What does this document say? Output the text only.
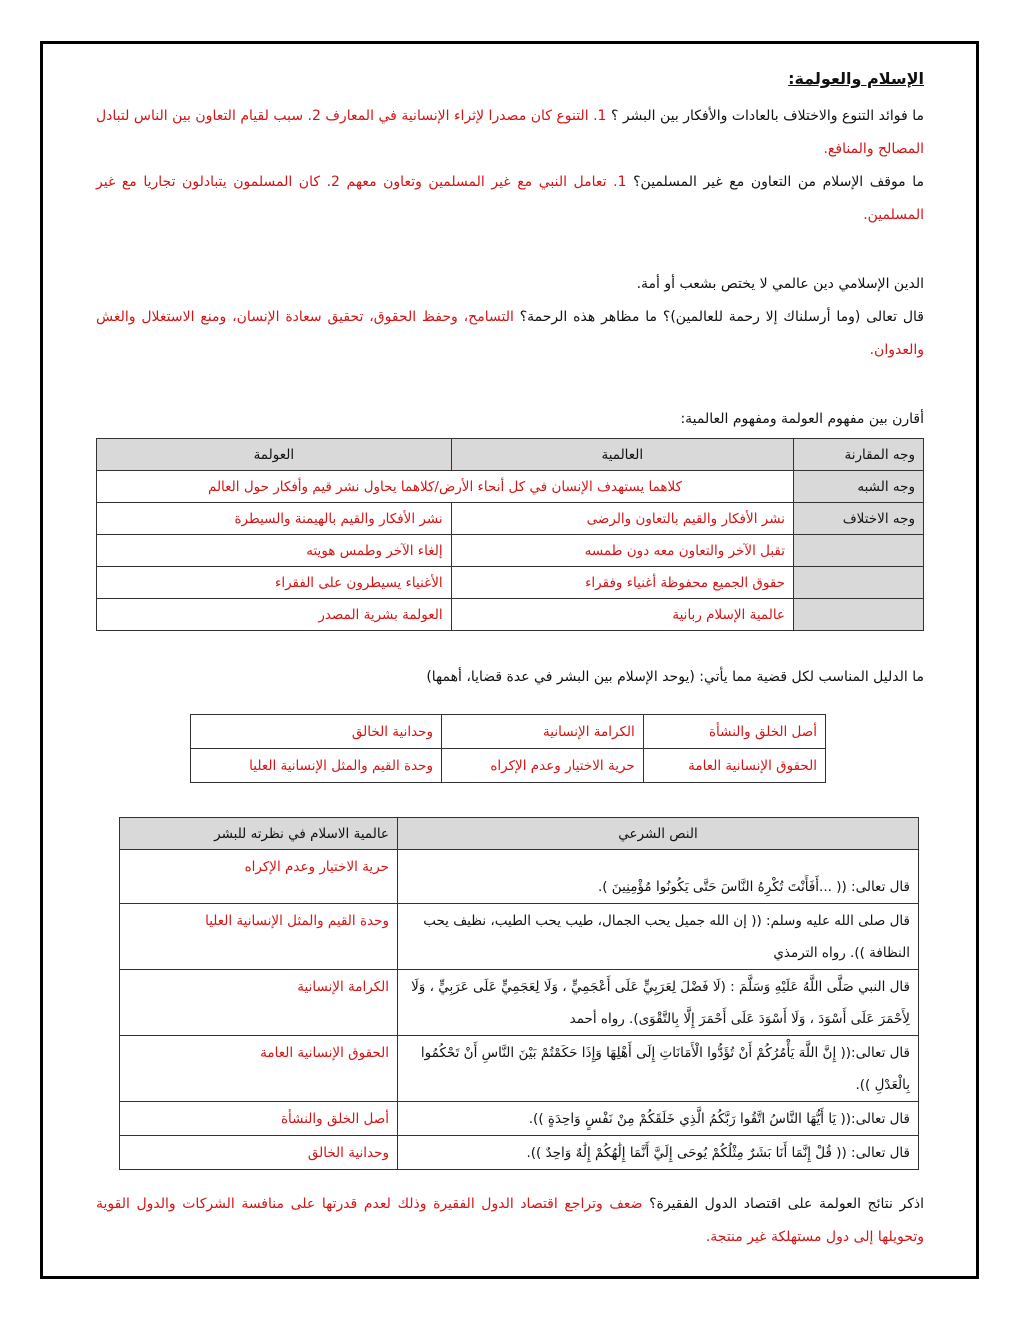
الإسلام والعولمة:

ما فوائد التنوع والاختلاف بالعادات والأفكار بين البشر ؟ 1. التنوع كان مصدرا لإثراء الإنسانية في المعارف 2. سبب لقيام التعاون بين الناس لتبادل المصالح والمنافع.

ما موقف الإسلام من التعاون مع غير المسلمين؟ 1. تعامل النبي مع غير المسلمين وتعاون معهم 2. كان المسلمون يتبادلون تجاريا مع غير المسلمين.

الدين الإسلامي دين عالمي لا يختص بشعب أو أمة.

قال تعالى (وما أرسلناك إلا رحمة للعالمين)؟ ما مظاهر هذه الرحمة؟ التسامح، وحفظ الحقوق، تحقيق سعادة الإنسان، ومنع الاستغلال والغش والعدوان.

أقارن بين مفهوم العولمة ومفهوم العالمية:

وجه المقارنة	العالمية	العولمة
وجه الشبه	كلاهما يستهدف الإنسان في كل أنحاء الأرض/كلاهما يحاول نشر قيم وأفكار حول العالم	
وجه الاختلاف	نشر الأفكار والقيم بالتعاون والرضى	نشر الأفكار والقيم بالهيمنة والسيطرة
	تقبل الآخر والتعاون معه دون طمسه	إلغاء الآخر وطمس هويته
	حقوق الجميع محفوظة أغنياء وفقراء	الأغنياء يسيطرون على الفقراء
	عالمية الإسلام ربانية	العولمة بشرية المصدر

ما الدليل المناسب لكل قضية مما يأتي: (يوحد الإسلام بين البشر في عدة قضايا، أهمها)

أصل الخلق والنشأة	الكرامة الإنسانية	وحدانية الخالق
الحقوق الإنسانية العامة	حرية الاختيار وعدم الإكراه	وحدة القيم والمثل الإنسانية العليا
النص الشرعي	عالمية الاسلام في نظرته للبشر
قال تعالى: (( ...أَفَأَنْتَ تُكْرِهُ النَّاسَ حَتَّى يَكُونُوا مُؤْمِنِينَ ).	حرية الاختيار وعدم الإكراه
قال صلى الله عليه وسلم: (( إن الله جميل يحب الجمال، طيب يحب الطيب، نظيف يحب النظافة )). رواه الترمذي	وحدة القيم والمثل الإنسانية العليا
قال النبي صَلَّى اللَّهُ عَلَيْهِ وَسَلَّمَ : (لَا فَضْلَ لِعَرَبِيٍّ عَلَى أَعْجَمِيٍّ ، وَلَا لِعَجَمِيٍّ عَلَى عَرَبِيٍّ ، وَلَا لِأَحْمَرَ عَلَى أَسْوَدَ ، وَلَا أَسْوَدَ عَلَى أَحْمَرَ إِلَّا بِالتَّقْوَى). رواه أحمد	الكرامة الإنسانية
قال تعالى:(( إِنَّ اللَّهَ يَأْمُرُكُمْ أَنْ تُؤَدُّوا الْأَمَانَاتِ إِلَى أَهْلِهَا وَإِذَا حَكَمْتُمْ بَيْنَ النَّاسِ أَنْ تَحْكُمُوا بِالْعَدْلِ )).	الحقوق الإنسانية العامة
قال تعالى:(( يَا أَيُّهَا النَّاسُ اتَّقُوا رَبَّكُمُ الَّذِي خَلَقَكُمْ مِنْ نَفْسٍ وَاحِدَةٍ )).	أصل الخلق والنشأة
قال تعالى: (( قُلْ إِنَّمَا أَنَا بَشَرٌ مِثْلُكُمْ يُوحَى إِلَيَّ أَنَّمَا إِلَٰهُكُمْ إِلَٰهٌ وَاحِدٌ )).	وحدانية الخالق

اذكر نتائج العولمة على اقتصاد الدول الفقيرة؟ ضعف وتراجع اقتصاد الدول الفقيرة وذلك لعدم قدرتها على منافسة الشركات والدول القوية وتحويلها إلى دول مستهلكة غير منتجة.
